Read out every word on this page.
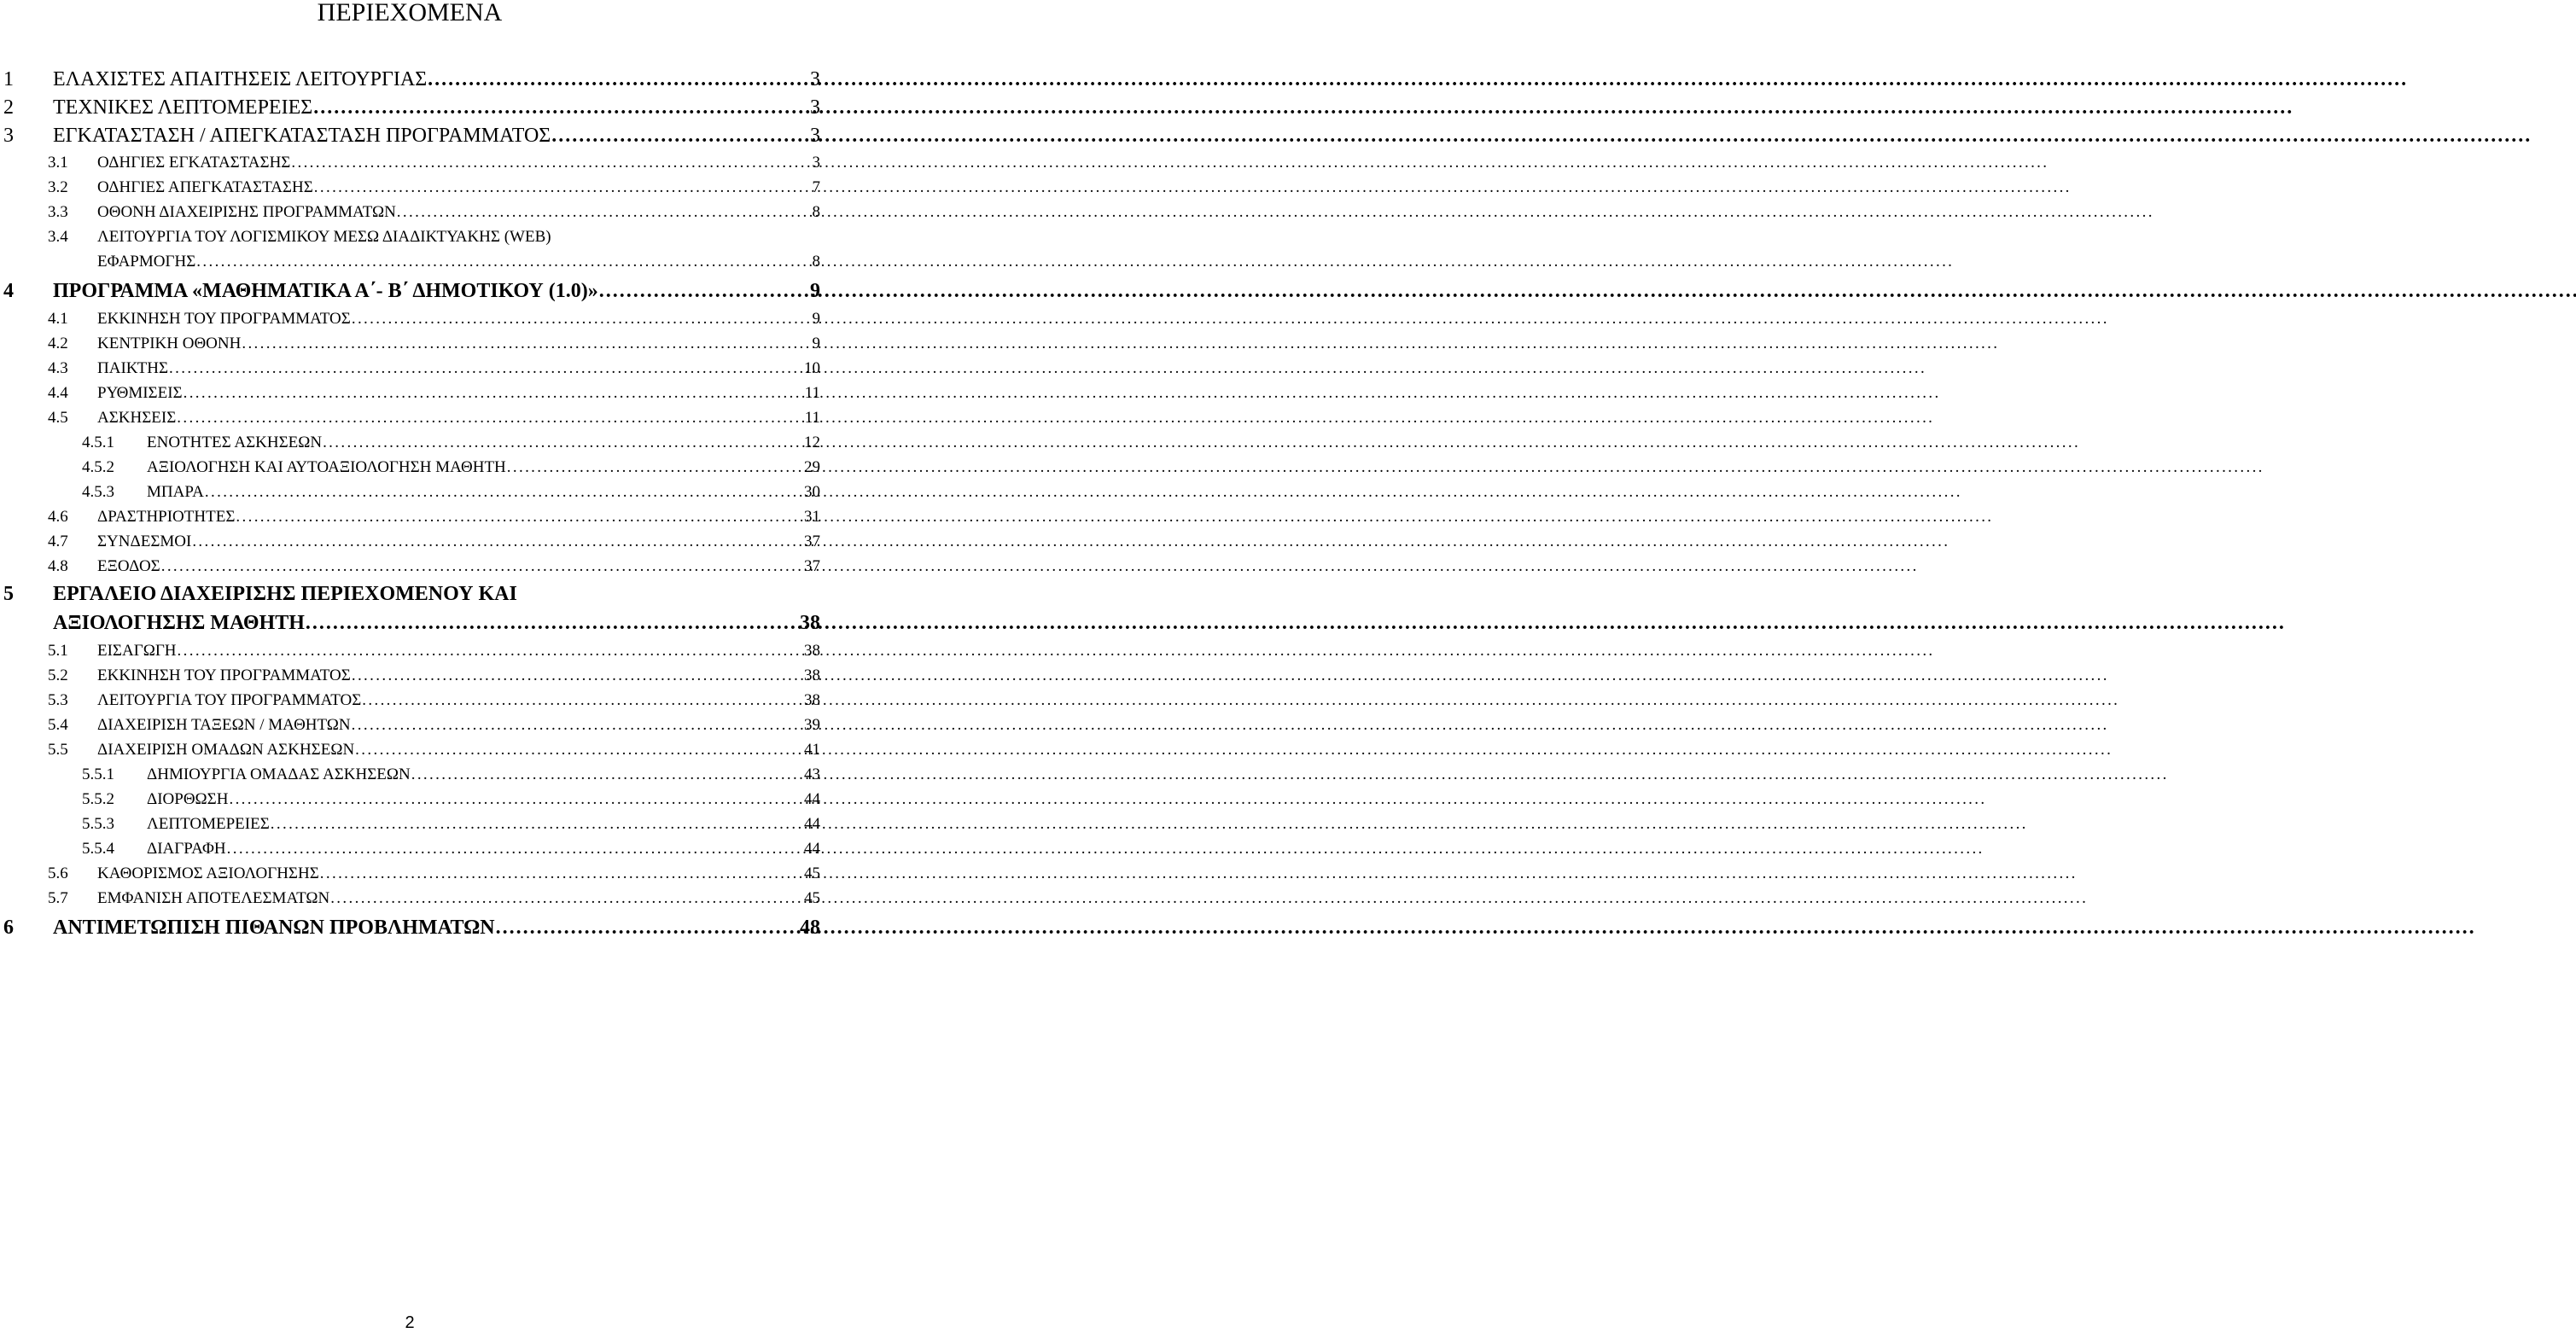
ΠΕΡΙΕΧΟΜΕΝΑ
1	ΕΛΑΧΙΣΤΕΣ ΑΠΑΙΤΗΣΕΙΣ ΛΕΙΤΟΥΡΓΙΑΣ . . .	3
2	ΤΕΧΝΙΚΕΣ ΛΕΠΤΟΜΕΡΕΙΕΣ . . .	3
3	ΕΓΚΑΤΑΣΤΑΣΗ / ΑΠΕΓΚΑΤΑΣΤΑΣΗ ΠΡΟΓΡΑΜΜΑΤΟΣ . . .	3
3.1	ΟΔΗΓΙΕΣ ΕΓΚΑΤΑΣΤΑΣΗΣ . . .	3
3.2	ΟΔΗΓΙΕΣ ΑΠΕΓΚΑΤΑΣΤΑΣΗΣ . . .	7
3.3	ΟΘΟΝΗ ΔΙΑΧΕΙΡΙΣΗΣ ΠΡΟΓΡΑΜΜΑΤΩΝ . . .	8
3.4 ΛΕΙΤΟΥΡΓΙΑ ΤΟΥ ΛΟΓΙΣΜΙΚΟΥ ΜΕΣΩ ΔΙΑΔΙΚΤΥΑΚΗΣ (WEB)
ΕΦΑΡΜΟΓΗΣ . . .	8
4	ΠΡΟΓΡΑΜΜΑ «ΜΑΘΗΜΑΤΙΚΑ Α΄- Β΄ ΔΗΜΟΤΙΚΟΥ (1.0)» . . .	9
4.1	ΕΚΚΙΝΗΣΗ ΤΟΥ ΠΡΟΓΡΑΜΜΑΤΟΣ . . .	9
4.2	ΚΕΝΤΡΙΚΗ ΟΘΟΝΗ . . .	9
4.3	ΠΑΙΚΤΗΣ . . .	10
4.4	ΡΥΘΜΙΣΕΙΣ . . .	11
4.5	ΑΣΚΗΣΕΙΣ . . .	11
4.5.1	ΕΝΟΤΗΤΕΣ ΑΣΚΗΣΕΩΝ . . .	12
4.5.2	ΑΞΙΟΛΟΓΗΣΗ ΚΑΙ ΑΥΤΟΑΞΙΟΛΟΓΗΣΗ ΜΑΘΗΤΗ . . .	29
4.5.3	ΜΠΑΡΑ . . .	30
4.6	ΔΡΑΣΤΗΡΙΟΤΗΤΕΣ . . .	31
4.7	ΣΥΝΔΕΣΜΟΙ . . .	37
4.8	ΕΞΟΔΟΣ . . .	37
5 ΕΡΓΑΛΕΙΟ ΔΙΑΧΕΙΡΙΣΗΣ ΠΕΡΙΕΧΟΜΕΝΟΥ ΚΑΙ
ΑΞΙΟΛΟΓΗΣΗΣ ΜΑΘΗΤΗ . . .	38
5.1	ΕΙΣΑΓΩΓΗ . . .	38
5.2	ΕΚΚΙΝΗΣΗ ΤΟΥ ΠΡΟΓΡΑΜΜΑΤΟΣ . . .	38
5.3	ΛΕΙΤΟΥΡΓΙΑ ΤΟΥ ΠΡΟΓΡΑΜΜΑΤΟΣ . . .	38
5.4	ΔΙΑΧΕΙΡΙΣΗ ΤΑΞΕΩΝ / ΜΑΘΗΤΩΝ . . .	39
5.5	ΔΙΑΧΕΙΡΙΣΗ ΟΜΑΔΩΝ ΑΣΚΗΣΕΩΝ . . .	41
5.5.1	ΔΗΜΙΟΥΡΓΙΑ ΟΜΑΔΑΣ ΑΣΚΗΣΕΩΝ . . .	43
5.5.2	ΔΙΟΡΘΩΣΗ . . .	44
5.5.3	ΛΕΠΤΟΜΕΡΕΙΕΣ . . .	44
5.5.4	ΔΙΑΓΡΑΦΗ . . .	44
5.6	ΚΑΘΟΡΙΣΜΟΣ ΑΞΙΟΛΟΓΗΣΗΣ . . .	45
5.7	ΕΜΦΑΝΙΣΗ ΑΠΟΤΕΛΕΣΜΑΤΩΝ . . .	45
6	ΑΝΤΙΜΕΤΩΠΙΣΗ ΠΙΘΑΝΩΝ ΠΡΟΒΛΗΜΑΤΩΝ . . .	48
2
